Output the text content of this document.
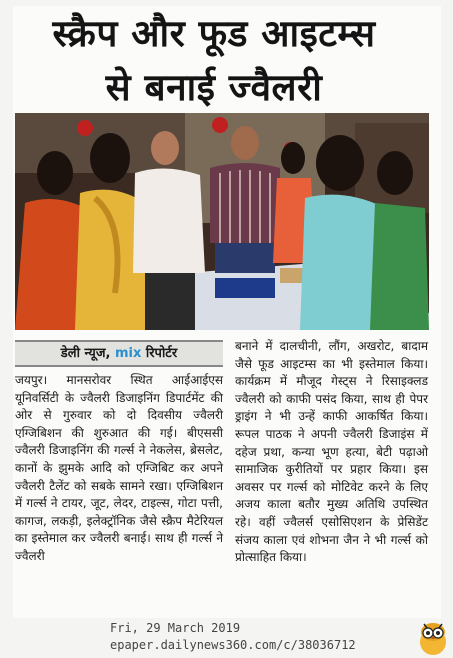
स्क्रैप और फूड आइटम्स
से बनाई ज्वैलरी
डेली न्यूज, mix रिपोर्टर
जयपुर। मानसरोवर स्थित आईआईएस यूनिवर्सिटी के ज्वैलरी डिजाइनिंग डिपार्टमेंट की ओर से गुरुवार को दो दिवसीय ज्वैलरी एग्जिबिशन की शुरुआत की गई। बीएससी ज्वैलरी डिजाइनिंग की गर्ल्स ने नेकलेस, ब्रेसलेट, कानों के झुमके आदि को एग्जिबिट कर अपने ज्वैलरी टैलेंट को सबके सामने रखा। एग्जिबिशन में गर्ल्स ने टायर, जूट, लेदर, टाइल्स, गोटा पत्ती, कागज, लकड़ी, इलेक्ट्रॉनिक जैसे स्क्रैप मैटेरियल का इस्तेमाल कर ज्वैलरी बनाई। साथ ही गर्ल्स ने ज्वैलरी
बनाने में दालचीनी, लौंग, अखरोट, बादाम जैसे फूड आइटम्स का भी इस्तेमाल किया। कार्यक्रम में मौजूद गेस्ट्स ने रिसाइक्लड ज्वैलरी को काफी पसंद किया, साथ ही पेपर ड्राइंग ने भी उन्हें काफी आकर्षित किया। रूपल पाठक ने अपनी ज्वैलरी डिजाइंस में दहेज प्रथा, कन्या भूण हत्या, बेटी पढ़ाओ सामाजिक कुरीतियों पर प्रहार किया। इस अवसर पर गर्ल्स को मोटिवेट करने के लिए अजय काला बतौर मुख्य अतिथि उपस्थित रहे। वहीं ज्वैलर्स एसोसिएशन के प्रेसिडेंट संजय काला एवं शोभना जैन ने भी गर्ल्स को प्रोत्साहित किया।
Fri, 29 March 2019
epaper.dailynews360.com/c/38036712
